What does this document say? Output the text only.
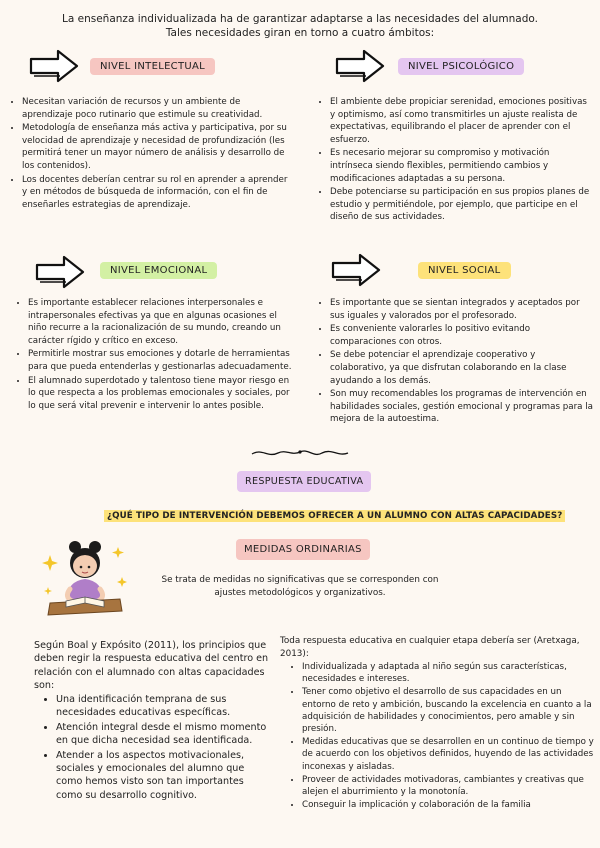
La enseñanza individualizada ha de garantizar adaptarse a las necesidades del alumnado.
Tales necesidades giran en torno a cuatro ámbitos:
NIVEL INTELECTUAL
• Necesitan variación de recursos y un ambiente de aprendizaje poco rutinario que estimule su creatividad.
• Metodología de enseñanza más activa y participativa, por su velocidad de aprendizaje y necesidad de profundización (les permitirá tener un mayor número de análisis y desarrollo de los contenidos).
• Los docentes deberían centrar su rol en aprender a aprender y en métodos de búsqueda de información, con el fin de enseñarles estrategias de aprendizaje.
NIVEL PSICOLÓGICO
• El ambiente debe propiciar serenidad, emociones positivas y optimismo, así como transmitirles un ajuste realista de expectativas, equilibrando el placer de aprender con el esfuerzo.
• Es necesario mejorar su compromiso y motivación intrínseca siendo flexibles, permitiendo cambios y modificaciones adaptadas a su persona.
• Debe potenciarse su participación en sus propios planes de estudio y permitiéndole, por ejemplo, que participe en el diseño de sus actividades.
NIVEL EMOCIONAL
• Es importante establecer relaciones interpersonales e intrapersonales efectivas ya que en algunas ocasiones el niño recurre a la racionalización de su mundo, creando un carácter rígido y crítico en exceso.
• Permitirle mostrar sus emociones y dotarle de herramientas para que pueda entenderlas y gestionarlas adecuadamente.
• El alumnado superdotado y talentoso tiene mayor riesgo en lo que respecta a los problemas emocionales y sociales, por lo que será vital prevenir e intervenir lo antes posible.
NIVEL SOCIAL
• Es importante que se sientan integrados y aceptados por sus iguales y valorados por el profesorado.
• Es conveniente valorarles lo positivo evitando comparaciones con otros.
• Se debe potenciar el aprendizaje cooperativo y colaborativo, ya que disfrutan colaborando en la clase ayudando a los demás.
• Son muy recomendables los programas de intervención en habilidades sociales, gestión emocional y programas para la mejora de la autoestima.
RESPUESTA EDUCATIVA
¿QUÉ TIPO DE INTERVENCIÓN DEBEMOS OFRECER A UN ALUMNO CON ALTAS CAPACIDADES?
MEDIDAS ORDINARIAS
Se trata de medidas no significativas que se corresponden con ajustes metodológicos y organizativos.
Según Boal y Expósito (2011), los principios que deben regir la respuesta educativa del centro en relación con el alumnado con altas capacidades son:
• Una identificación temprana de sus necesidades educativas específicas.
• Atención integral desde el mismo momento en que dicha necesidad sea identificada.
• Atender a los aspectos motivacionales, sociales y emocionales del alumno que como hemos visto son tan importantes como su desarrollo cognitivo.
Toda respuesta educativa en cualquier etapa debería ser (Aretxaga, 2013):
• Individualizada y adaptada al niño según sus características, necesidades e intereses.
• Tener como objetivo el desarrollo de sus capacidades en un entorno de reto y ambición, buscando la excelencia en cuanto a la adquisición de habilidades y conocimientos, pero amable y sin presión.
• Medidas educativas que se desarrollen en un continuo de tiempo y de acuerdo con los objetivos definidos, huyendo de las actividades inconexas y aisladas.
• Proveer de actividades motivadoras, cambiantes y creativas que alejen el aburrimiento y la monotonía.
• Conseguir la implicación y colaboración de la familia
